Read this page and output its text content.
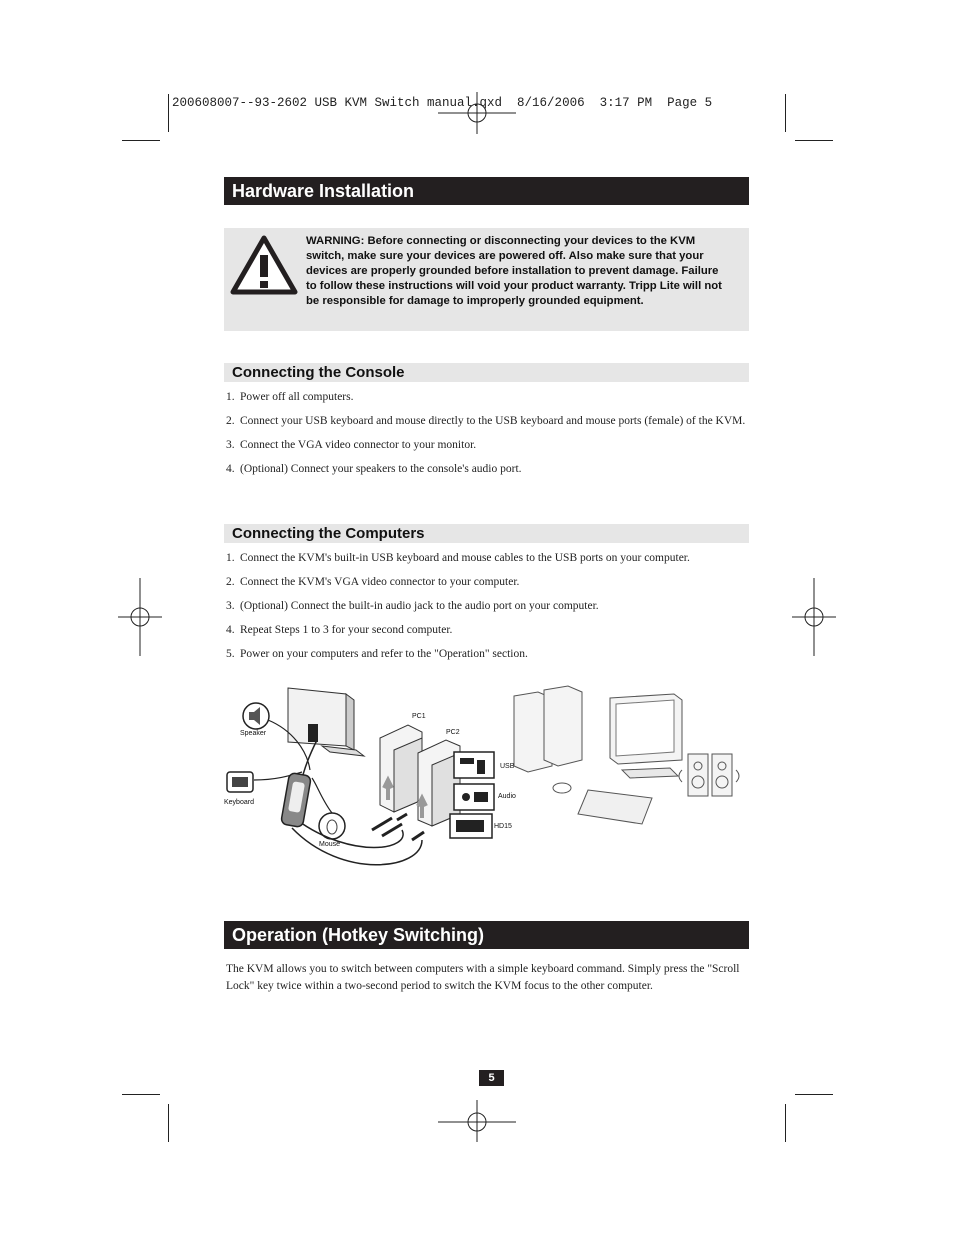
200608007--93-2602 USB KVM Switch manual.qxd  8/16/2006  3:17 PM  Page 5
Hardware Installation
WARNING: Before connecting or disconnecting your devices to the KVM switch, make sure your devices are powered off. Also make sure that your devices are properly grounded before installation to prevent damage. Failure to follow these instructions will void your product warranty. Tripp Lite will not be responsible for damage to improperly grounded equipment.
Connecting the Console
1. Power off all computers.
2. Connect your USB keyboard and mouse directly to the USB keyboard and mouse ports (female) of the KVM.
3. Connect the VGA video connector to your monitor.
4. (Optional) Connect your speakers to the console's audio port.
Connecting the Computers
1. Connect the KVM's built-in USB keyboard and mouse cables to the USB ports on your computer.
2. Connect the KVM's VGA video connector to your computer.
3. (Optional) Connect the built-in audio jack to the audio port on your computer.
4. Repeat Steps 1 to 3 for your second computer.
5. Power on your computers and refer to the "Operation" section.
Speaker
Keyboard
Mouse
PC1
PC2
USB
Audio
HD15
Operation (Hotkey Switching)
The KVM allows you to switch between computers with a simple keyboard command. Simply press the "Scroll Lock" key twice within a two-second period to switch the KVM focus to the other computer.
5
